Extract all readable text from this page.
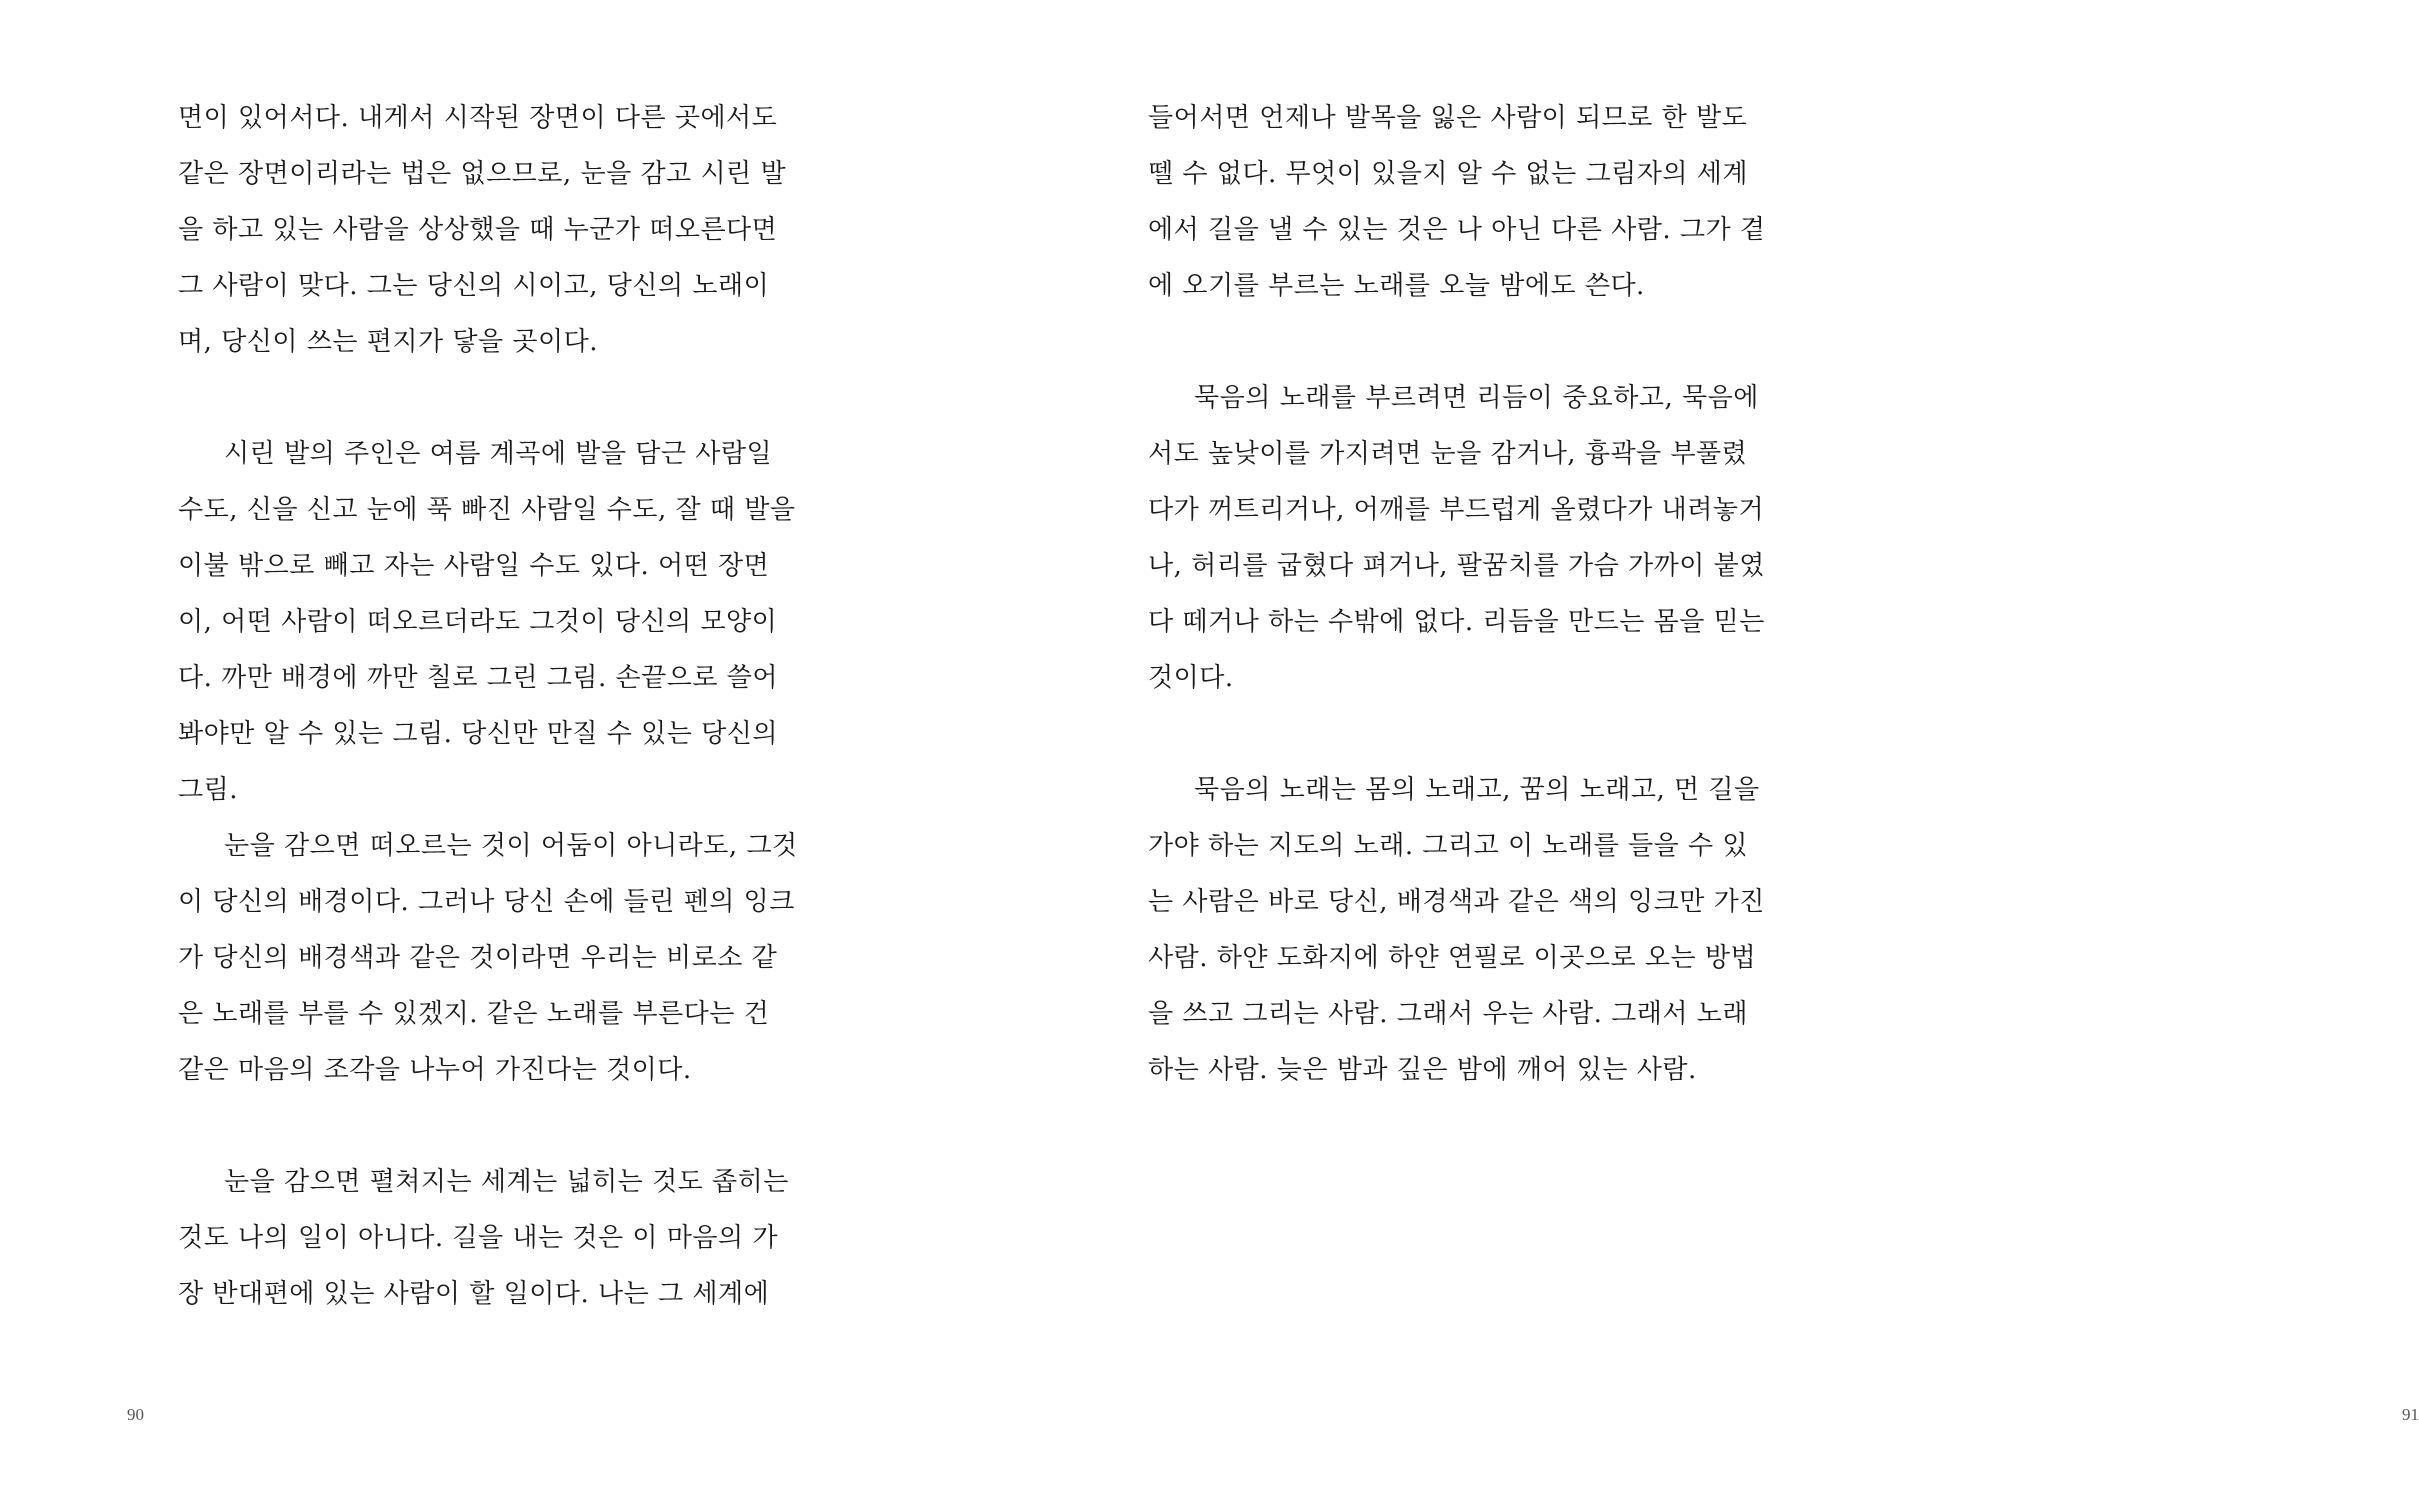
면이 있어서다. 내게서 시작된 장면이 다른 곳에서도
같은 장면이리라는 법은 없으므로, 눈을 감고 시린 발
을 하고 있는 사람을 상상했을 때 누군가 떠오른다면
그 사람이 맞다. 그는 당신의 시이고, 당신의 노래이
며, 당신이 쓰는 편지가 닿을 곳이다.
시린 발의 주인은 여름 계곡에 발을 담근 사람일
수도, 신을 신고 눈에 푹 빠진 사람일 수도, 잘 때 발을
이불 밖으로 빼고 자는 사람일 수도 있다. 어떤 장면
이, 어떤 사람이 떠오르더라도 그것이 당신의 모양이
다. 까만 배경에 까만 칠로 그린 그림. 손끝으로 쓸어
봐야만 알 수 있는 그림. 당신만 만질 수 있는 당신의
그림.
눈을 감으면 떠오르는 것이 어둠이 아니라도, 그것
이 당신의 배경이다. 그러나 당신 손에 들린 펜의 잉크
가 당신의 배경색과 같은 것이라면 우리는 비로소 같
은 노래를 부를 수 있겠지. 같은 노래를 부른다는 건
같은 마음의 조각을 나누어 가진다는 것이다.
눈을 감으면 펼쳐지는 세계는 넓히는 것도 좁히는
것도 나의 일이 아니다. 길을 내는 것은 이 마음의 가
장 반대편에 있는 사람이 할 일이다. 나는 그 세계에
90
들어서면 언제나 발목을 잃은 사람이 되므로 한 발도
뗄 수 없다. 무엇이 있을지 알 수 없는 그림자의 세계
에서 길을 낼 수 있는 것은 나 아닌 다른 사람. 그가 곁
에 오기를 부르는 노래를 오늘 밤에도 쓴다.
묵음의 노래를 부르려면 리듬이 중요하고, 묵음에
서도 높낮이를 가지려면 눈을 감거나, 흉곽을 부풀렸
다가 꺼트리거나, 어깨를 부드럽게 올렸다가 내려놓거
나, 허리를 굽혔다 펴거나, 팔꿈치를 가슴 가까이 붙였
다 떼거나 하는 수밖에 없다. 리듬을 만드는 몸을 믿는
것이다.
묵음의 노래는 몸의 노래고, 꿈의 노래고, 먼 길을
가야 하는 지도의 노래. 그리고 이 노래를 들을 수 있
는 사람은 바로 당신, 배경색과 같은 색의 잉크만 가진
사람. 하얀 도화지에 하얀 연필로 이곳으로 오는 방법
을 쓰고 그리는 사람. 그래서 우는 사람. 그래서 노래
하는 사람. 늦은 밤과 깊은 밤에 깨어 있는 사람.
91
